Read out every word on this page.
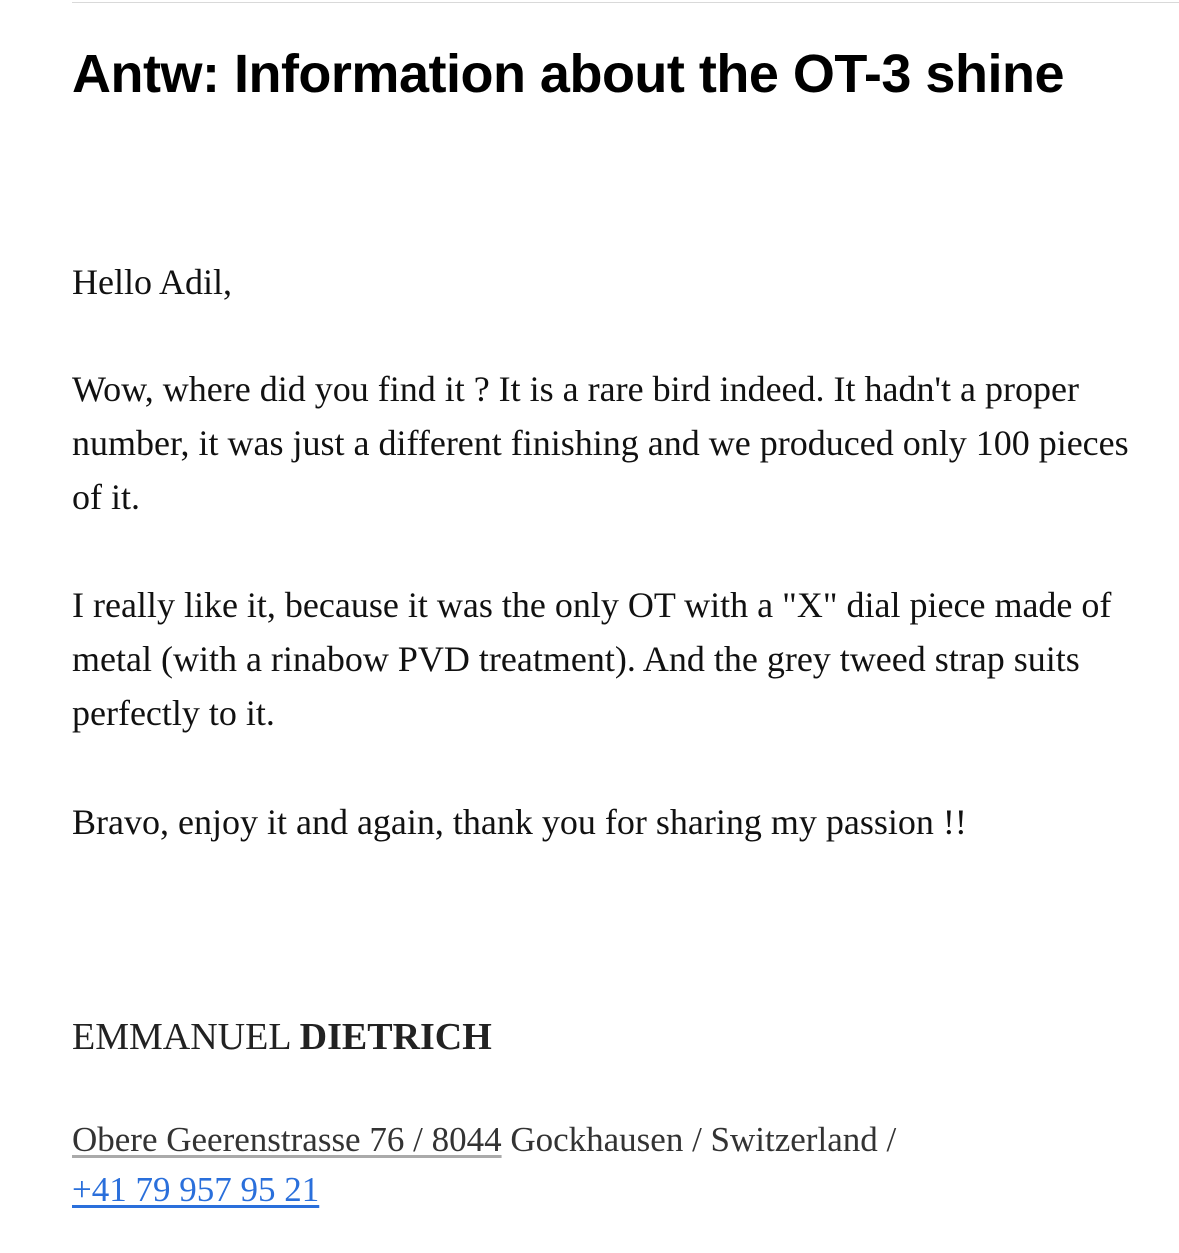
Antw: Information about the OT-3 shine

Hello Adil,

Wow, where did you find it ? It is a rare bird indeed. It hadn't a proper number, it was just a different finishing and we produced only 100 pieces of it.

I really like it, because it was the only OT with a "X" dial piece made of metal (with a rinabow PVD treatment). And the grey tweed strap suits perfectly to it.

Bravo, enjoy it and again, thank you for sharing my passion !!

EMMANUEL DIETRICH

Obere Geerenstrasse 76 / 8044 Gockhausen / Switzerland /
+41 79 957 95 21
